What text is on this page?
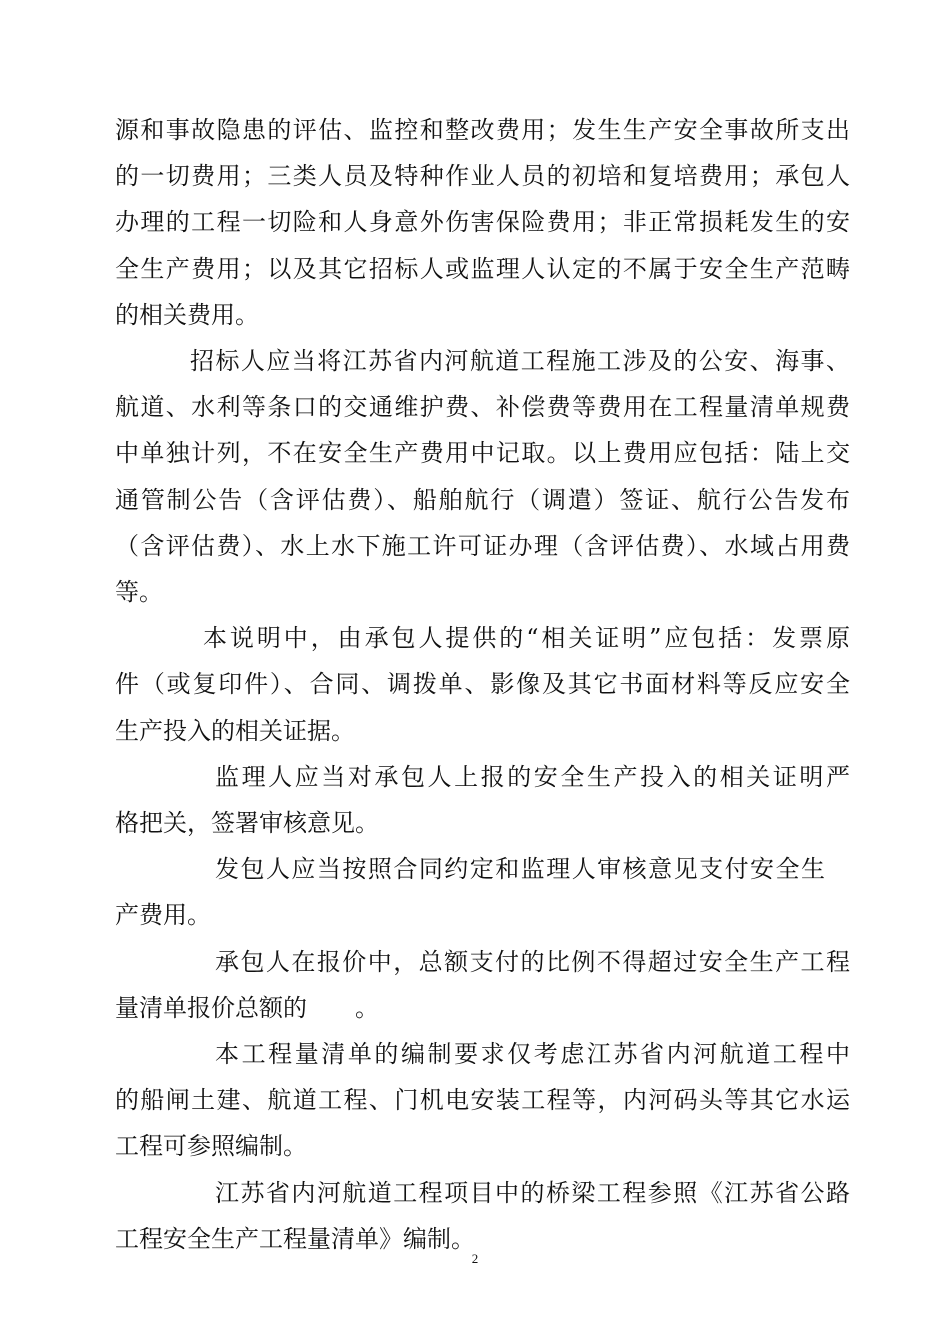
源和事故隐患的评估、监控和整改费用；发生生产安全事故所支出
的一切费用；三类人员及特种作业人员的初培和复培费用；承包人
办理的工程一切险和人身意外伤害保险费用；非正常损耗发生的安
全生产费用；以及其它招标人或监理人认定的不属于安全生产范畴
的相关费用。
招标人应当将江苏省内河航道工程施工涉及的公安、海事、
航道、水利等条口的交通维护费、补偿费等费用在工程量清单规费
中单独计列，不在安全生产费用中记取。以上费用应包括：陆上交
通管制公告（含评估费）、船舶航行（调遣）签证、航行公告发布
（含评估费）、水上水下施工许可证办理（含评估费）、水域占用费
等。
本说明中，由承包人提供的“相关证明”应包括：发票原
件（或复印件）、合同、调拨单、影像及其它书面材料等反应安全
生产投入的相关证据。
监理人应当对承包人上报的安全生产投入的相关证明严
格把关，签署审核意见。
发包人应当按照合同约定和监理人审核意见支付安全生
产费用。
承包人在报价中，总额支付的比例不得超过安全生产工程
量清单报价总额的　　。
本工程量清单的编制要求仅考虑江苏省内河航道工程中
的船闸土建、航道工程、门机电安装工程等，内河码头等其它水运
工程可参照编制。
江苏省内河航道工程项目中的桥梁工程参照《江苏省公路
工程安全生产工程量清单》编制。
2
